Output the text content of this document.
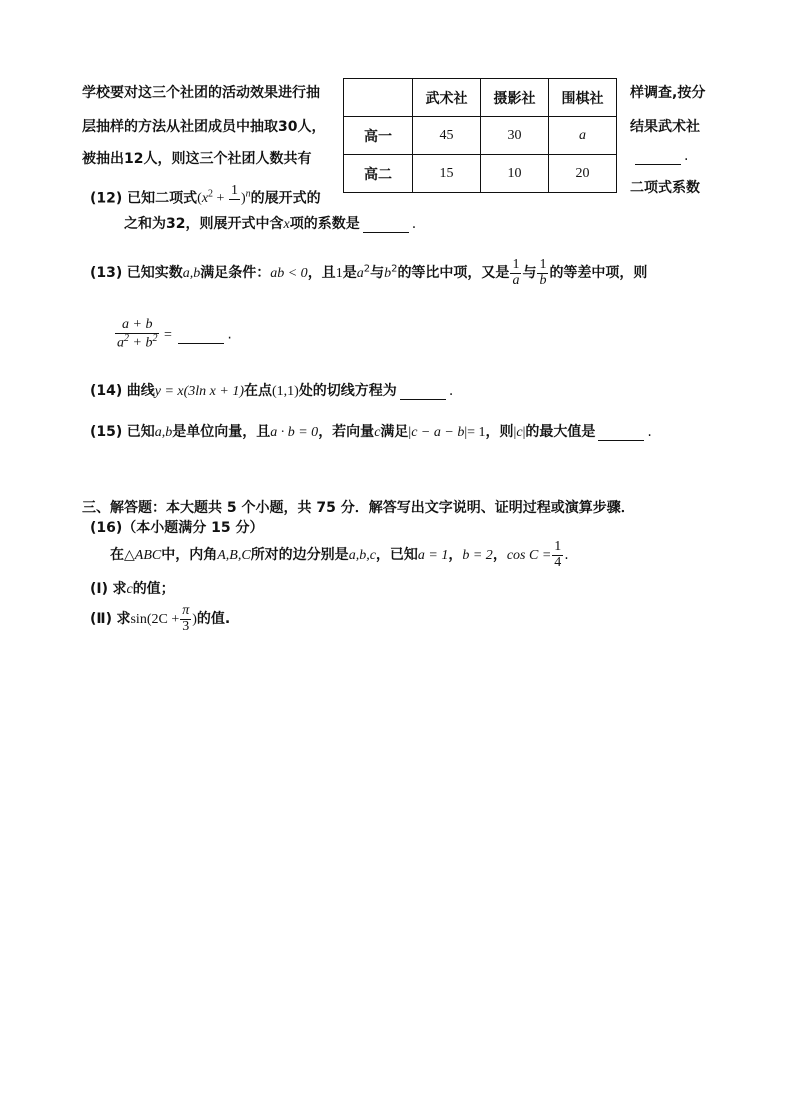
学校要对这三个社团的活动效果进行抽
层抽样的方法从社团成员中抽取30人，
被抽出12人，则这三个社团人数共有
	武术社	摄影社	围棋社
高一	45	30	a
高二	15	10	20
样调查,按分
结果武术社
.
二项式系数
(12) 已知二项式($x^2$ +
1

)$^n$的展开式的
之和为32，则展开式中含x项的系数是	.
(13) 已知实数a,b满足条件：ab < 0，且1是$a^2$与$b^2$的等比中项，又是 $\frac{1}{a}$ 与 $\frac{1}{b}$ 的等差中项，则
$\frac{a + b}{a^2 + b^2}$ =	.
(14) 曲线y = x(3ln x + 1)在点(1,1)处的切线方程为	.
(15) 已知a,b是单位向量，且a · b = 0，若向量c满足|c − a − b|= 1，则|c|的最大值是	.
三、解答题：本大题共 5 个小题，共 75 分．解答写出文字说明、证明过程或演算步骤．
(16)（本小题满分 15 分）
在△ABC中，内角A,B,C所对的边分别是a,b,c，已知a = 1，b = 2，$\cos C = \frac{1}{4}$ .
(Ⅰ) 求c的值；
(Ⅱ) 求$\sin(2C + \frac{\pi}{3}$ )的值.
